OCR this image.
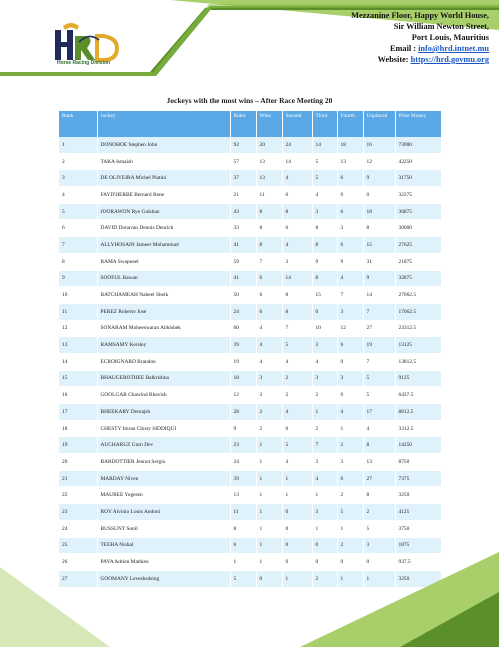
Horse Racing Division
Mezzanine Floor, Happy World House,
Sir William Newton Street,
Port Louis, Mauritius
Email : info@hrd.intnet.mu
Website: https://hrd.govmu.org
Jockeys with the most wins – After Race Meeting 20
Rank	Jockey	Rides	Wins	Second	Third	Fourth	Unplaced	Prize Money
1	DONOHOE Stephen John	92	20	24	14	18	16	73000
2	TAKA Ismaish	57	13	14	5	13	12	42250
3	DE OLIVEIRA Michel Platini	37	13	4	5	6	9	31750
4	FAYD'HERBE Bernard Rene	21	11	6	4	0	0	32375
5	JOORAWON Rye Gulshan	43	8	8	3	6	18	36875
6	DAVID Donavan Dennis Denrick	33	8	6	8	3	8	30000
7	ALLYHOSAIN Jameer Mohammad	41	8	4	8	6	15	27625
8	RAMA Swapneel	59	7	3	9	9	31	21875
9	SOOFUL Bawan	41	6	14	8	4	9	32875
10	BATCHAMEAH Nabeel Sheik	50	6	8	15	7	14	27062.5
11	PEREZ Roberto José	24	6	8	0	3	7	17062.5
12	SONARAM Moheeswaran Abhishek	60	4	7	10	12	27	23312.5
13	RAMSAMY Kersley	39	4	5	3	6	19	13125
14	ECROIGNARD Brandon	19	4	4	4	0	7	13812.5
15	BHAUGEROTHEE Balkrishna	18	3	2	3	3	5	9125
16	GOOLGAR Chawind Bhavish	12	3	2	2	0	5	6437.5
17	BHEEKARY Deorajsh	28	2	4	1	4	17	8812.5
18	CHESTY Imran Chisty SIDDIQUI	9	2	0	2	1	4	3312.5
19	AUCHARUZ Gurn Dev	23	1	5	7	2	8	14250
20	BARDOTTIER Jennot Sergio	24	1	4	3	3	13	8750
21	MARDAY Niven	39	1	1	4	6	27	7375
22	MAUREE Yogesen	13	1	1	1	2	8	3250
23	ROY Alvinio Louis Andoni	11	1	0	3	5	2	4125
24	BUSSUNT Sunil	8	1	0	1	1	5	3750
25	TEEHA Nishal	6	1	0	0	2	3	1875
26	PAYA Adrien Mathieu	1	1	0	0	0	0	937.5
27	GOOMANY Leveshsdsing	5	0	1	2	1	1	3250
